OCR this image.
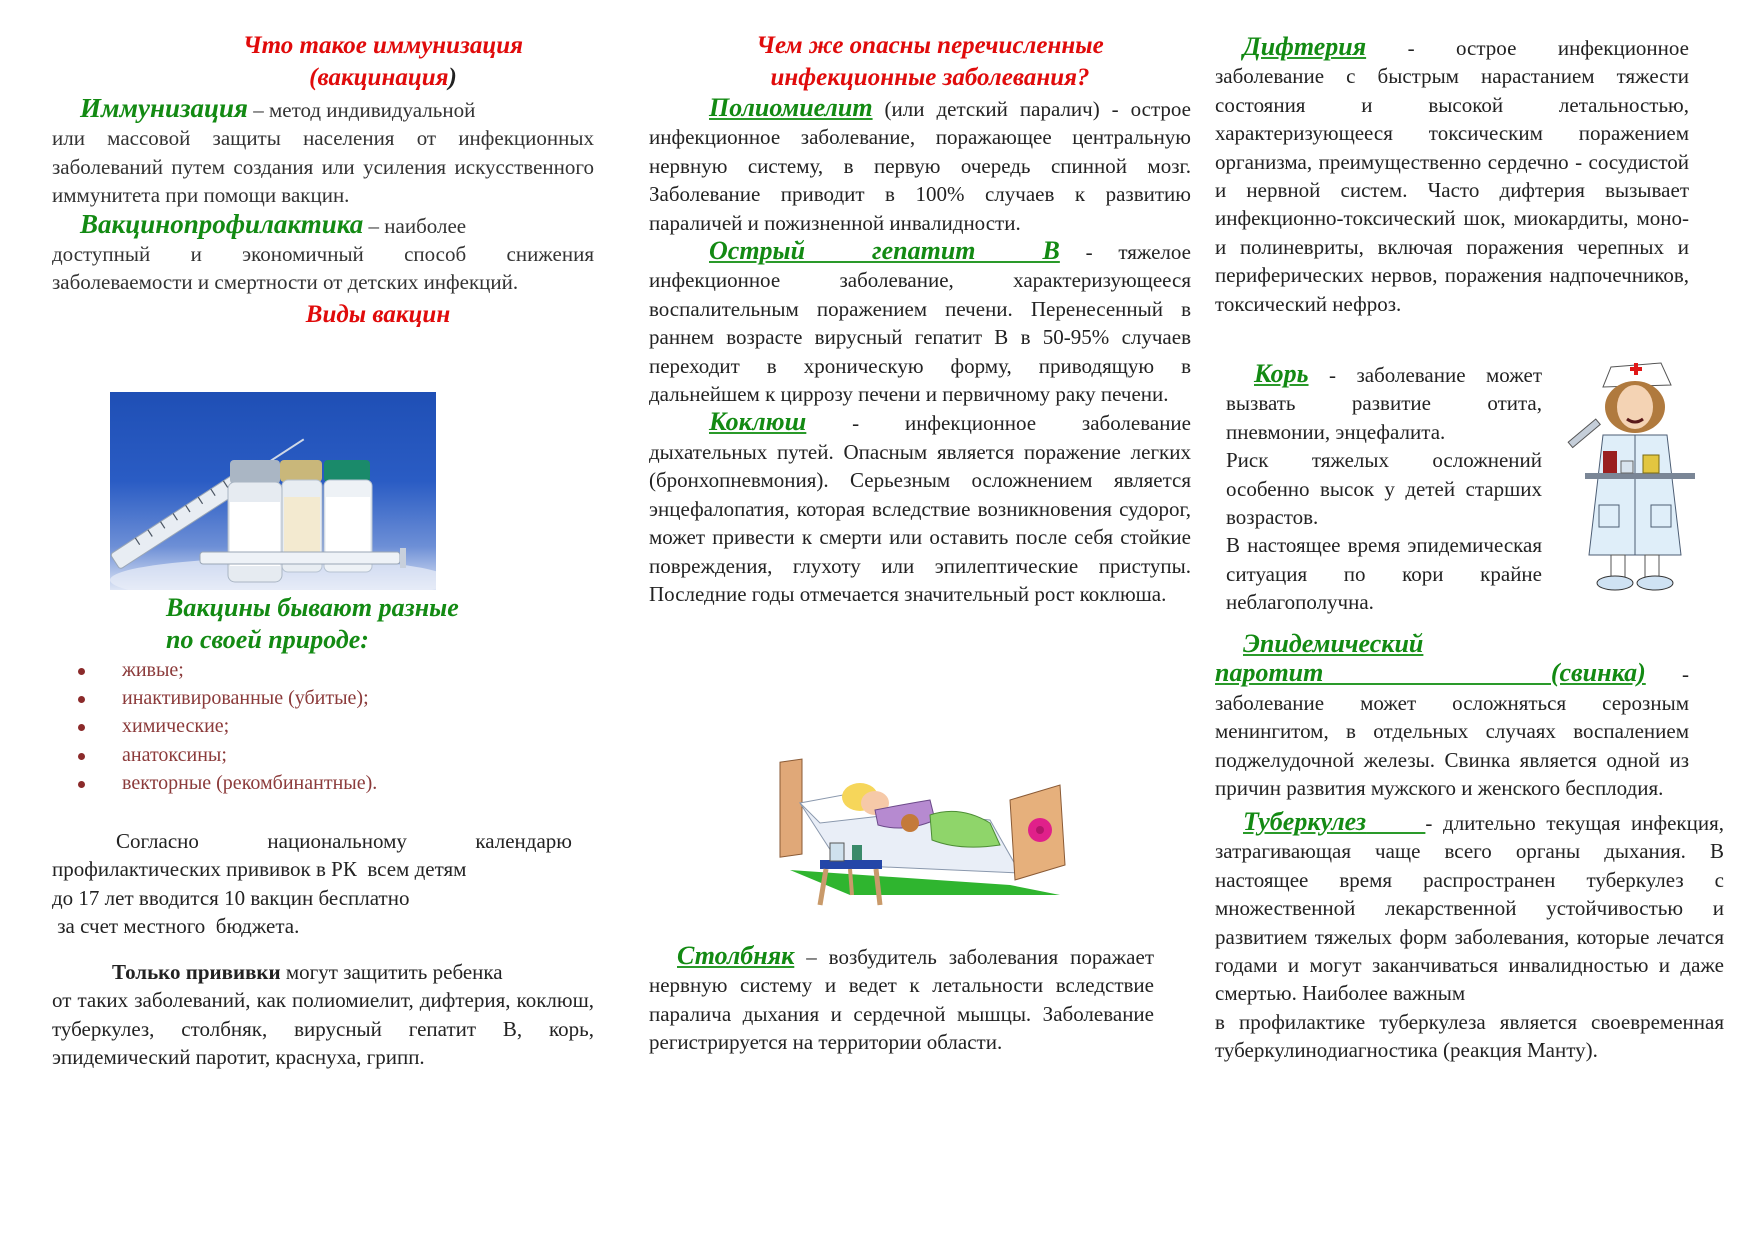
Что такое иммунизация
(вакцинация)

Иммунизация – метод индивидуальной
или массовой защиты населения от инфекционных заболеваний путем создания или усиления искусственного иммунитета при помощи вакцин.

Вакцинопрофилактика – наиболее
доступный и экономичный способ снижения заболеваемости и смертности от детских инфекций.

Виды вакцин

Вакцины бывают разные
по своей природе:

живые;
инактивированные (убитые);
химические;
анатоксины;
векторные (рекомбинантные).
Согласно	национальному	календарю
профилактических прививок в РК  всем детям
до 17 лет вводится 10 вакцин бесплатно
за счет местного  бюджета.

Только прививки могут защитить ребенка
от таких заболеваний, как полиомиелит, дифтерия, коклюш, туберкулез, столбняк, вирусный гепатит В, корь, эпидемический паротит, краснуха, грипп.

Чем же опасны перечисленные
инфекционные заболевания?

Полиомиелит (или детский паралич) - острое инфекционное заболевание, поражающее центральную нервную систему, в первую очередь спинной мозг. Заболевание приводит в 100% случаев к развитию параличей и пожизненной инвалидности.

Острый гепатит В - тяжелое инфекционное заболевание, характеризующееся воспалительным поражением печени. Перенесенный в раннем возрасте вирусный гепатит В в 50-95% случаев переходит в хроническую форму, приводящую в дальнейшем к циррозу печени и первичному раку печени.

Коклюш - инфекционное заболевание дыхательных путей. Опасным является поражение легких (бронхопневмония). Серьезным осложнением является энцефалопатия, которая вследствие возникновения судорог, может привести к смерти или оставить после себя стойкие повреждения, глухоту или эпилептические приступы. Последние годы отмечается значительный рост коклюша.

Столбняк – возбудитель заболевания поражает нервную систему и ведет к летальности вследствие паралича дыхания и сердечной мышцы. Заболевание регистрируется на территории области.

Дифтерия - острое инфекционное заболевание с быстрым нарастанием тяжести состояния и высокой летальностью, характеризующееся токсическим поражением организма, преимущественно сердечно - сосудистой и нервной систем. Часто дифтерия вызывает инфекционно-токсический шок, миокардиты, моно- и полиневриты, включая поражения черепных и периферических нервов, поражения надпочечников, токсический нефроз.

Корь - заболевание может вызвать развитие отита, пневмонии, энцефалита.
Риск тяжелых осложнений особенно высок у детей старших возрастов.
В настоящее время эпидемическая ситуация по кори крайне неблагополучна.

Эпидемический паротит (свинка) - заболевание может осложняться серозным менингитом, в отдельных случаях воспалением поджелудочной железы. Свинка является одной из причин развития мужского и женского бесплодия.

Туберкулез	- длительно текущая инфекция, затрагивающая чаще всего органы дыхания. В настоящее время распространен туберкулез с множественной лекарственной устойчивостью и развитием тяжелых форм заболевания, которые лечатся годами и могут заканчиваться инвалидностью и даже смертью. Наиболее важным
в профилактике туберкулеза является своевременная туберкулинодиагностика (реакция Манту).
